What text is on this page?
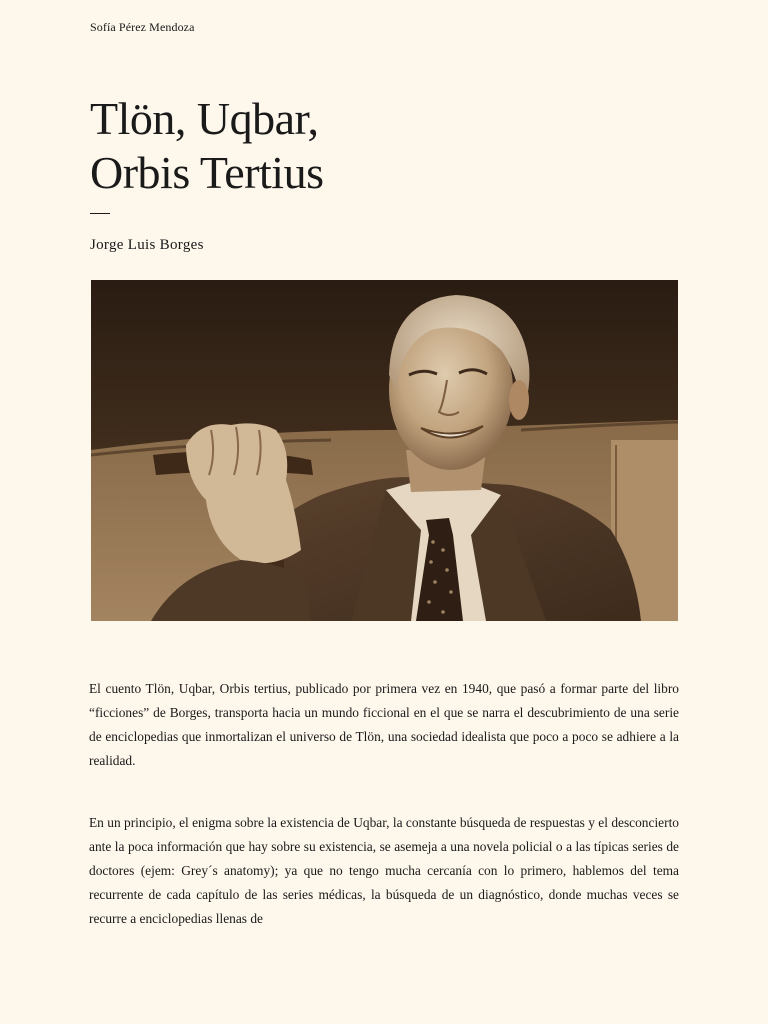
Sofía Pérez Mendoza
Tlön, Uqbar,
Orbis Tertius
Jorge Luis Borges

El cuento Tlön, Uqbar, Orbis tertius, publicado por primera vez en 1940, que pasó a formar parte del libro “ficciones” de Borges, transporta hacia un mundo ficcional en el que se narra el descubrimiento de una serie de enciclopedias que inmortalizan el universo de Tlön, una sociedad idealista que poco a poco se adhiere a la realidad.

En un principio, el enigma sobre la existencia de Uqbar, la constante búsqueda de respuestas y el desconcierto ante la poca información que hay sobre su existencia, se asemeja a una novela policial o a las típicas series de doctores (ejem: Grey´s anatomy); ya que no tengo mucha cercanía con lo primero, hablemos del tema recurrente de cada capítulo de las series médicas, la búsqueda de un diagnóstico, donde muchas veces se recurre a enciclopedias llenas de
